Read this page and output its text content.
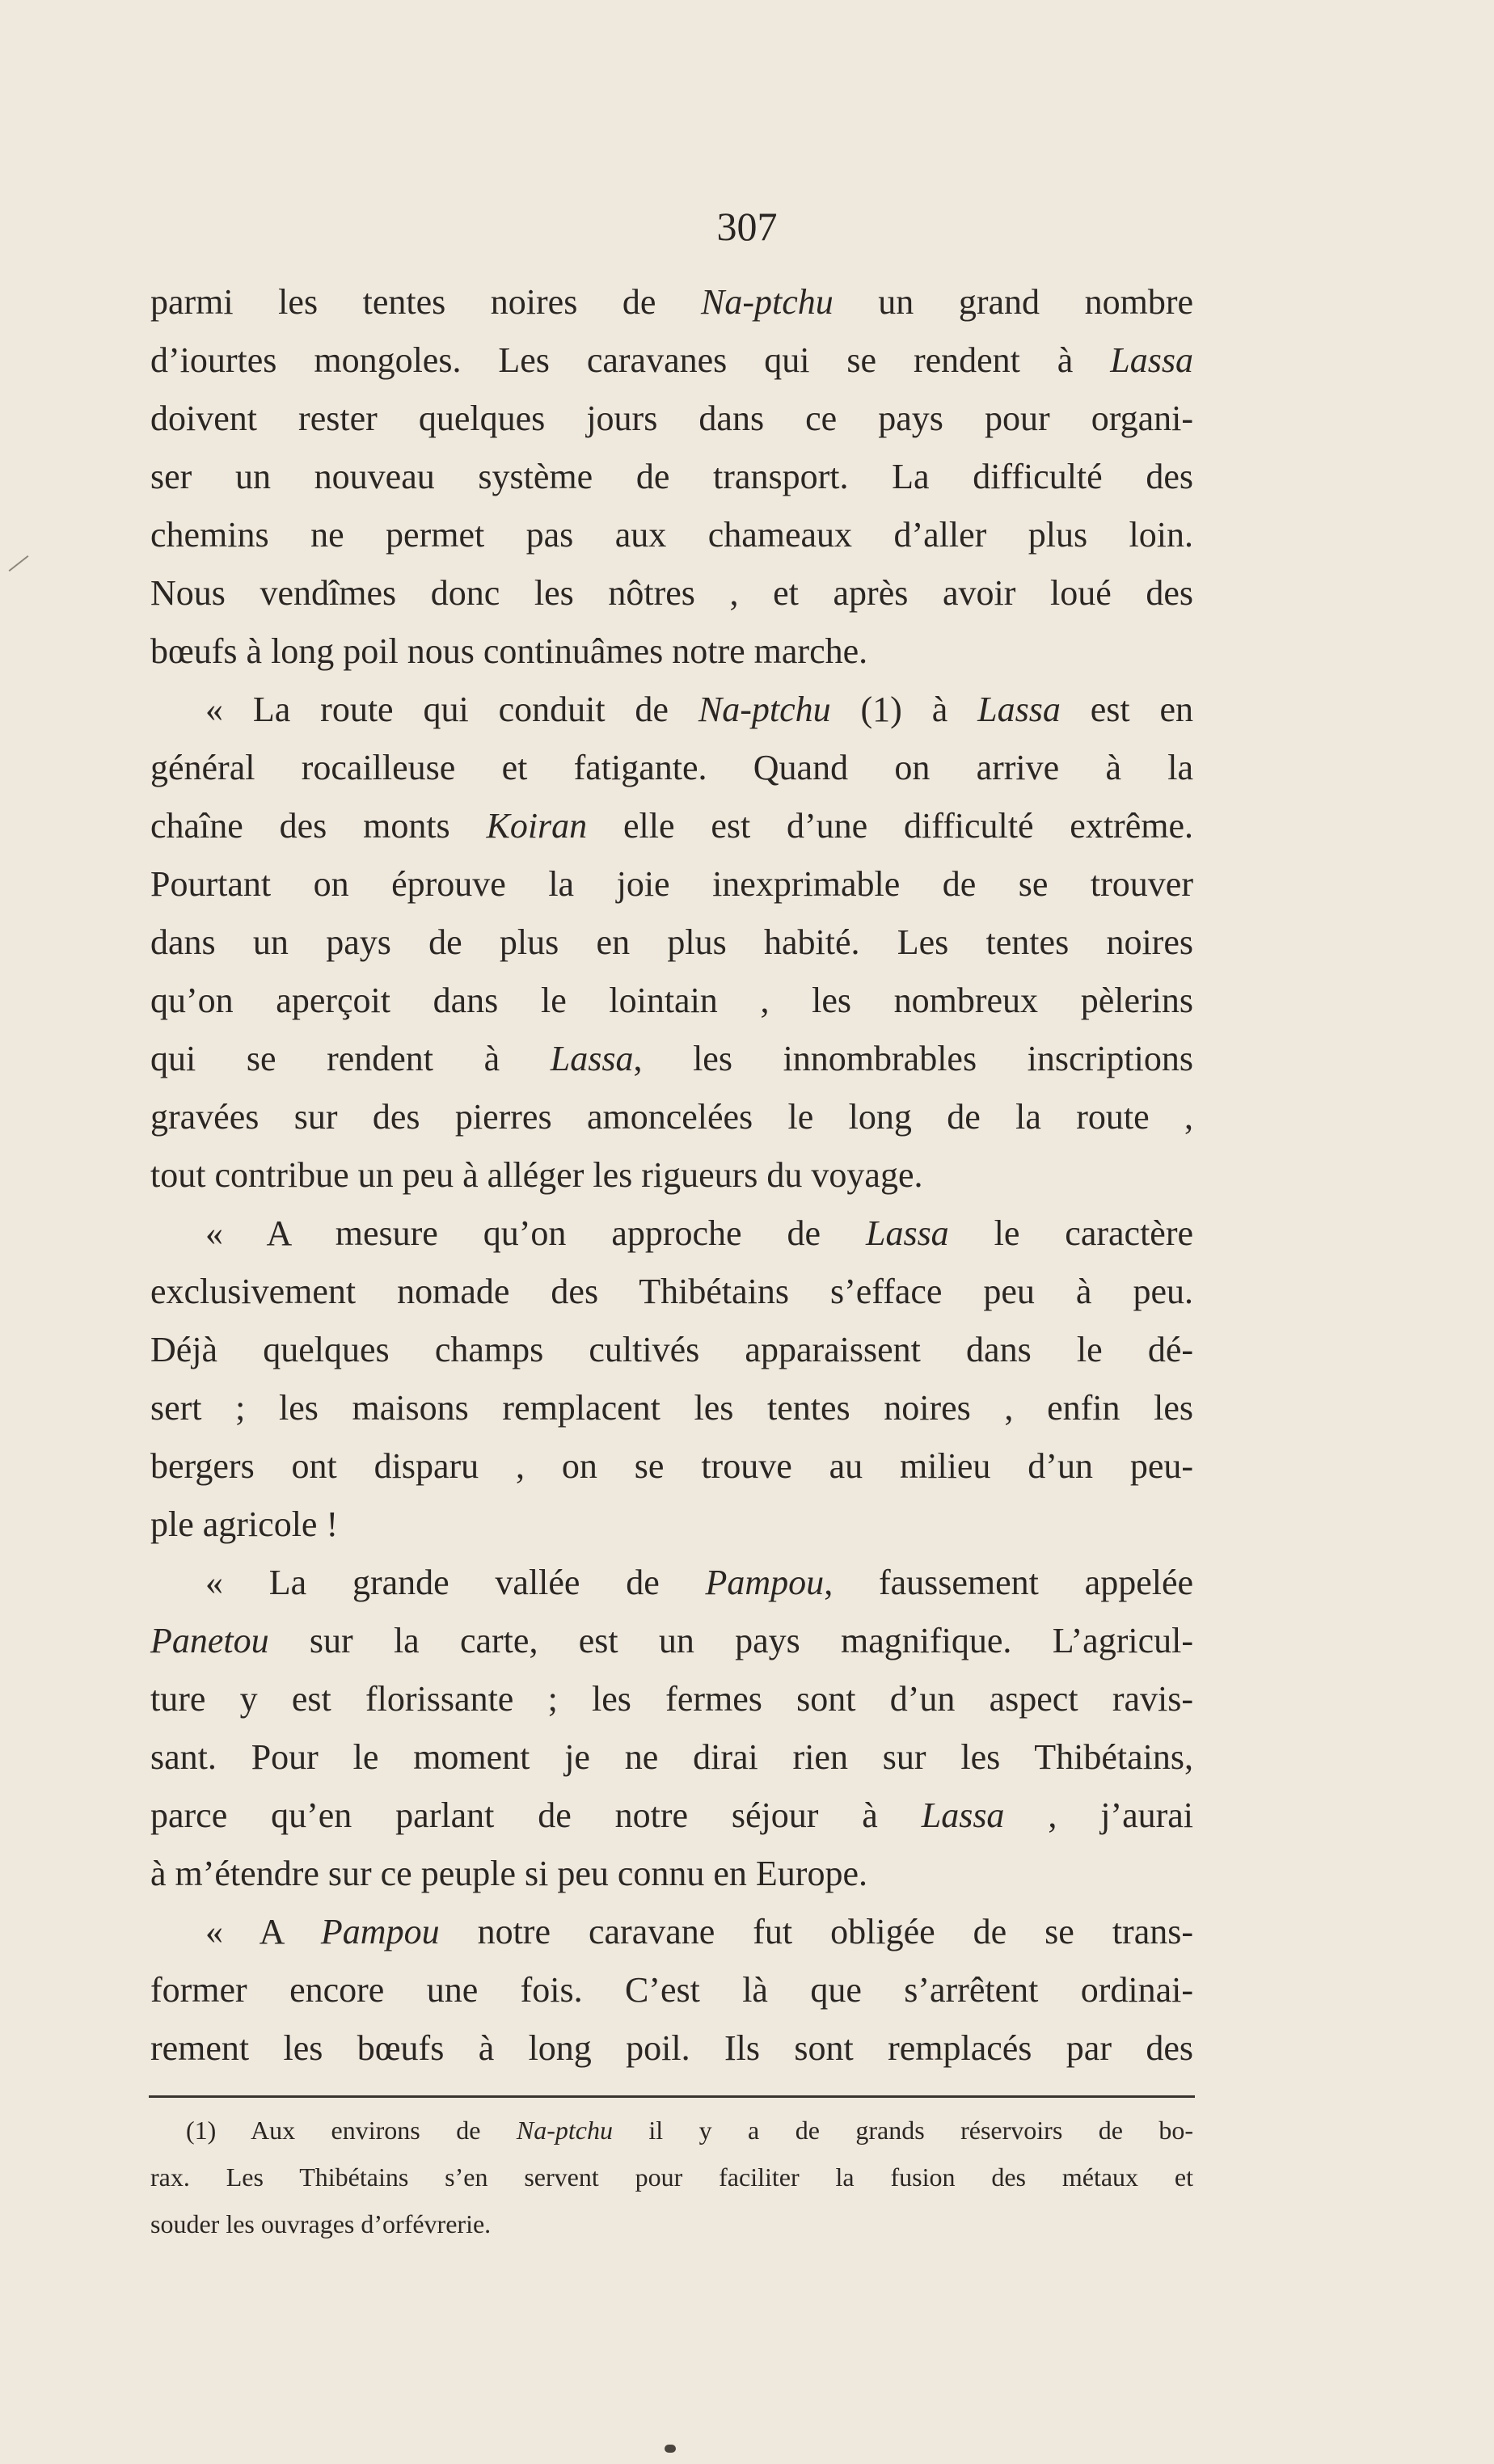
307
parmi les tentes noires de Na-ptchu un grand nombre
d’iourtes mongoles. Les caravanes qui se rendent à Lassa
doivent rester quelques jours dans ce pays pour organi-
ser un nouveau système de transport. La difficulté des
chemins ne permet pas aux chameaux d’aller plus loin.
Nous vendîmes donc les nôtres , et après avoir loué des
bœufs à long poil nous continuâmes notre marche.
« La route qui conduit de Na-ptchu (1) à Lassa est en
général rocailleuse et fatigante. Quand on arrive à la
chaîne des monts Koiran elle est d’une difficulté extrême.
Pourtant on éprouve la joie inexprimable de se trouver
dans un pays de plus en plus habité. Les tentes noires
qu’on aperçoit dans le lointain , les nombreux pèlerins
qui se rendent à Lassa, les innombrables inscriptions
gravées sur des pierres amoncelées le long de la route ,
tout contribue un peu à alléger les rigueurs du voyage.
« A mesure qu’on approche de Lassa le caractère
exclusivement nomade des Thibétains s’efface peu à peu.
Déjà quelques champs cultivés apparaissent dans le dé-
sert ; les maisons remplacent les tentes noires , enfin les
bergers ont disparu , on se trouve au milieu d’un peu-
ple agricole !
« La grande vallée de Pampou, faussement appelée
Panetou sur la carte, est un pays magnifique. L’agricul-
ture y est florissante ; les fermes sont d’un aspect ravis-
sant. Pour le moment je ne dirai rien sur les Thibétains,
parce qu’en parlant de notre séjour à Lassa , j’aurai
à m’étendre sur ce peuple si peu connu en Europe.
« A Pampou notre caravane fut obligée de se trans-
former encore une fois. C’est là que s’arrêtent ordinai-
rement les bœufs à long poil. Ils sont remplacés par des
(1) Aux environs de Na-ptchu il y a de grands réservoirs de bo-
rax. Les Thibétains s’en servent pour faciliter la fusion des métaux et
souder les ouvrages d’orfévrerie.
